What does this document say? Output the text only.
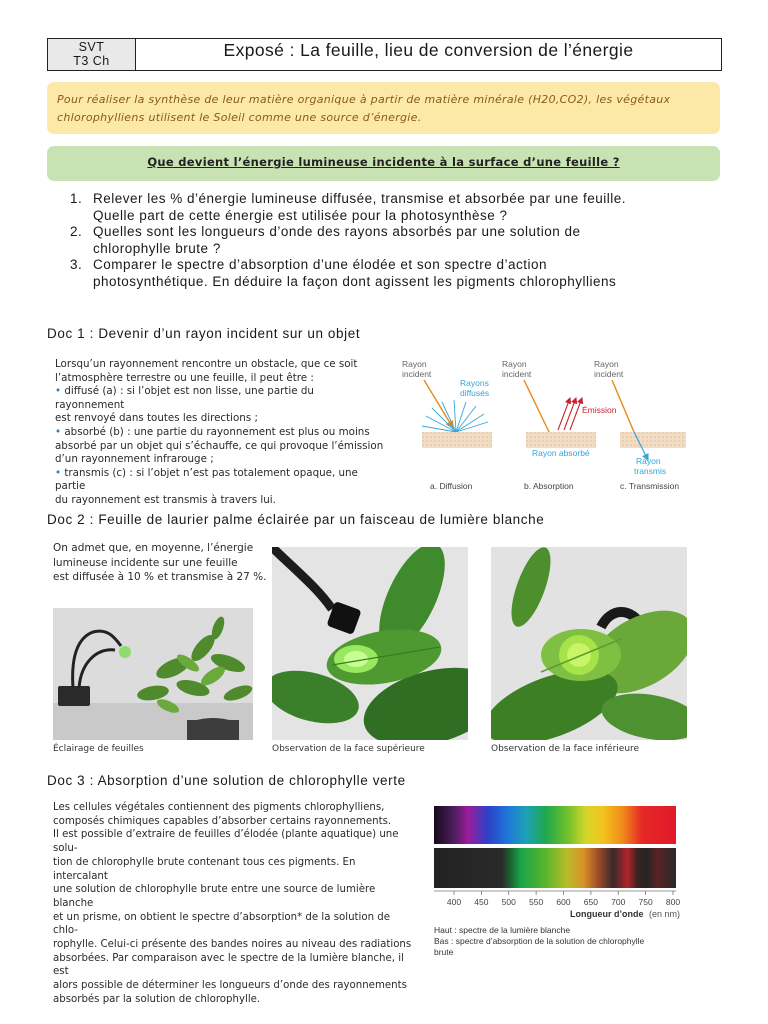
SVT
T3 Ch
Exposé : La feuille, lieu de conversion de l’énergie
Pour réaliser la synthèse de leur matière organique à partir de matière minérale (H20,CO2), les végétaux chlorophylliens utilisent le Soleil comme une source d’énergie.
Que devient l’énergie lumineuse incidente à la surface d’une feuille ?
1. Relever les % d’énergie lumineuse diffusée, transmise et absorbée par une feuille.
Quelle part de cette énergie est utilisée pour la photosynthèse ?
2. Quelles sont les longueurs d’onde des rayons absorbés par une solution de
chlorophylle brute ?
3. Comparer le spectre d’absorption d’une élodée et son spectre d’action
photosynthétique. En déduire la façon dont agissent les pigments chlorophylliens
Doc 1 : Devenir d’un rayon incident sur un objet
Lorsqu’un rayonnement rencontre un obstacle, que ce soit
l’atmosphère terrestre ou une feuille, il peut être :
• diffusé (a) : si l’objet est non lisse, une partie du rayonnement
est renvoyé dans toutes les directions ;
• absorbé (b) : une partie du rayonnement est plus ou moins
absorbé par un objet qui s’échauffe, ce qui provoque l’émission
d’un rayonnement infrarouge ;
• transmis (c) : si l’objet n’est pas totalement opaque, une partie
du rayonnement est transmis à travers lui.
Rayon
incident
Rayons
diffusés
a. Diffusion
Rayon
incident
Émission
Rayon absorbé
b. Absorption
Rayon
incident
Rayon
transmis
c. Transmission
Doc 2 : Feuille de laurier palme éclairée par un faisceau de lumière blanche
On admet que, en moyenne, l’énergie
lumineuse incidente sur une feuille
est diffusée à 10 % et transmise à 27 %.
Éclairage de feuilles	Observation de la face supérieure	Observation de la face inférieure
Doc 3 : Absorption d’une solution de chlorophylle verte
Les cellules végétales contiennent des pigments chlorophylliens,
composés chimiques capables d’absorber certains rayonnements.
Il est possible d’extraire de feuilles d’élodée (plante aquatique) une solu-
tion de chlorophylle brute contenant tous ces pigments. En intercalant
une solution de chlorophylle brute entre une source de lumière blanche
et un prisme, on obtient le spectre d’absorption* de la solution de chlo-
rophylle. Celui-ci présente des bandes noires au niveau des radiations
absorbées. Par comparaison avec le spectre de la lumière blanche, il est
alors possible de déterminer les longueurs d’onde des rayonnements
absorbés par la solution de chlorophylle.
400 450 500 550 600 650 700 750 800
Longueur d’onde (en nm)
Haut : spectre de la lumière blanche
Bas : spectre d’absorption de la solution de chlorophylle
brute
